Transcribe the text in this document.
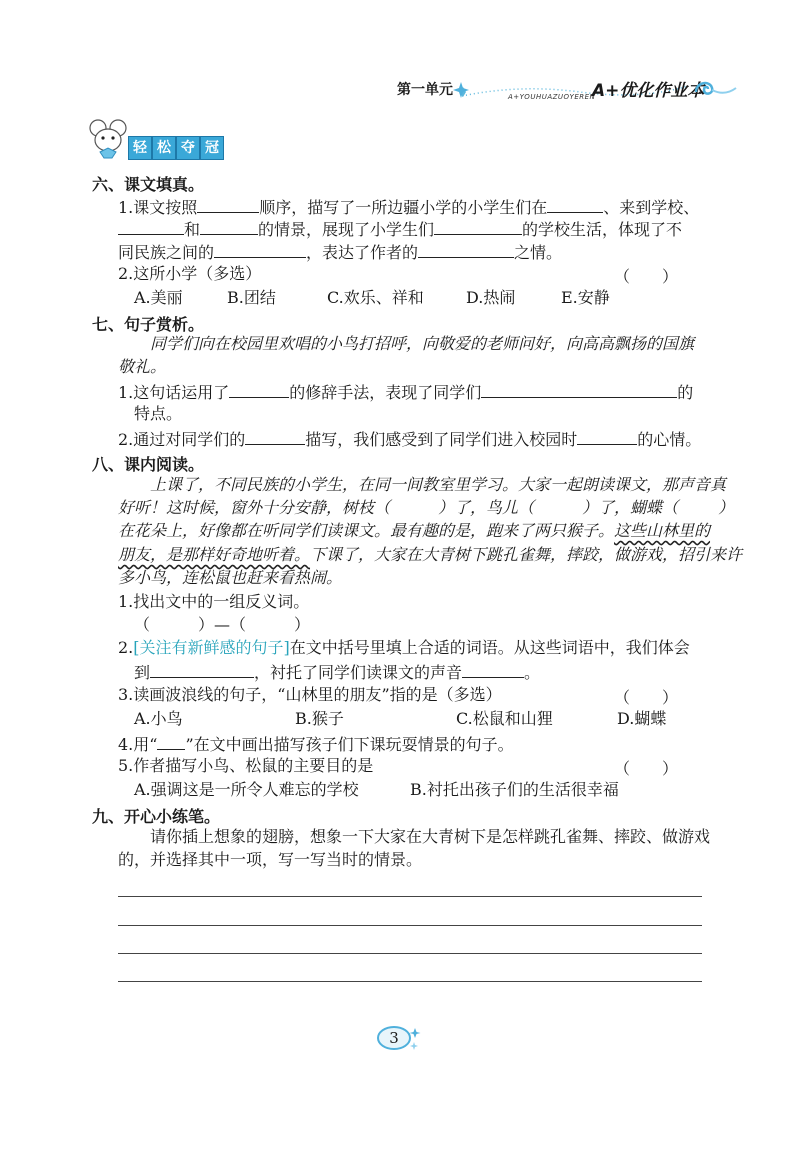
第一单元	A+YOUHUAZUOYEREN
A+优化作业本
轻 松 夺 冠
六、课文填真。
1.课文按照	顺序，描写了一所边疆小学的小学生们在	、来到学校、
和	的情景，展现了小学生们	的学校生活，体现了不
同民族之间的	，表达了作者的	之情。
2.这所小学（多选）	（　　）
A.美丽	B.团结	C.欢乐、祥和	D.热闹	E.安静
七、句子赏析。
同学们向在校园里欢唱的小鸟打招呼，向敬爱的老师问好，向高高飘扬的国旗
敬礼。
1.这句话运用了	的修辞手法，表现了同学们	的
特点。
2.通过对同学们的	描写，我们感受到了同学们进入校园时	的心情。
八、课内阅读。
上课了，不同民族的小学生，在同一间教室里学习。大家一起朗读课文，那声音真
好听！这时候，窗外十分安静，树枝（	）了，鸟儿（	）了，蝴蝶（	）
在花朵上，好像都在听同学们读课文。最有趣的是，跑来了两只猴子。这些山林里的
朋友，是那样好奇地听着。下课了，大家在大青树下跳孔雀舞，摔跤，做游戏，招引来许
多小鸟，连松鼠也赶来看热闹。
1.找出文中的一组反义词。
（　　　）—（　　　）
2.[关注有新鲜感的句子]在文中括号里填上合适的词语。从这些词语中，我们体会
到	，衬托了同学们读课文的声音	。
3.读画波浪线的句子，“山林里的朋友”指的是（多选）	（　　）
A.小鸟	B.猴子	C.松鼠和山狸	D.蝴蝶
4.用“ ”在文中画出描写孩子们下课玩耍情景的句子。
5.作者描写小鸟、松鼠的主要目的是	（　　）
A.强调这是一所令人难忘的学校	B.衬托出孩子们的生活很幸福
九、开心小练笔。
请你插上想象的翅膀，想象一下大家在大青树下是怎样跳孔雀舞、摔跤、做游戏
的，并选择其中一项，写一写当时的情景。
3
